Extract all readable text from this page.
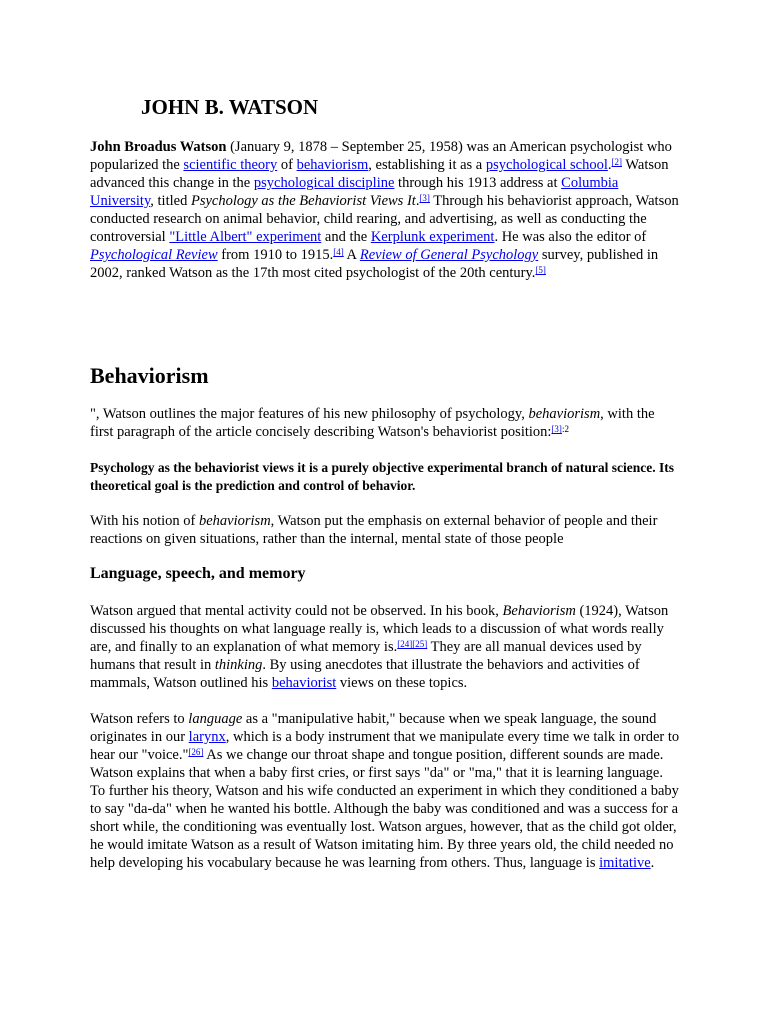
JOHN B. WATSON

John Broadus Watson (January 9, 1878 – September 25, 1958) was an American psychologist who popularized the scientific theory of behaviorism, establishing it as a psychological school.[2] Watson advanced this change in the psychological discipline through his 1913 address at Columbia University, titled Psychology as the Behaviorist Views It.[3] Through his behaviorist approach, Watson conducted research on animal behavior, child rearing, and advertising, as well as conducting the controversial "Little Albert" experiment and the Kerplunk experiment. He was also the editor of Psychological Review from 1910 to 1915.[4] A Review of General Psychology survey, published in 2002, ranked Watson as the 17th most cited psychologist of the 20th century.[5]

Behaviorism

", Watson outlines the major features of his new philosophy of psychology, behaviorism, with the first paragraph of the article concisely describing Watson's behaviorist position:$^{[3]:2}$

Psychology as the behaviorist views it is a purely objective experimental branch of natural science. Its theoretical goal is the prediction and control of behavior.

With his notion of behaviorism, Watson put the emphasis on external behavior of people and their reactions on given situations, rather than the internal, mental state of those people

Language, speech, and memory

Watson argued that mental activity could not be observed. In his book, Behaviorism (1924), Watson discussed his thoughts on what language really is, which leads to a discussion of what words really are, and finally to an explanation of what memory is.[24][25] They are all manual devices used by humans that result in thinking. By using anecdotes that illustrate the behaviors and activities of mammals, Watson outlined his behaviorist views on these topics.

Watson refers to language as a "manipulative habit," because when we speak language, the sound originates in our larynx, which is a body instrument that we manipulate every time we talk in order to hear our "voice."[26] As we change our throat shape and tongue position, different sounds are made. Watson explains that when a baby first cries, or first says "da" or "ma," that it is learning language. To further his theory, Watson and his wife conducted an experiment in which they conditioned a baby to say "da-da" when he wanted his bottle. Although the baby was conditioned and was a success for a short while, the conditioning was eventually lost. Watson argues, however, that as the child got older, he would imitate Watson as a result of Watson imitating him. By three years old, the child needed no help developing his vocabulary because he was learning from others. Thus, language is imitative.
